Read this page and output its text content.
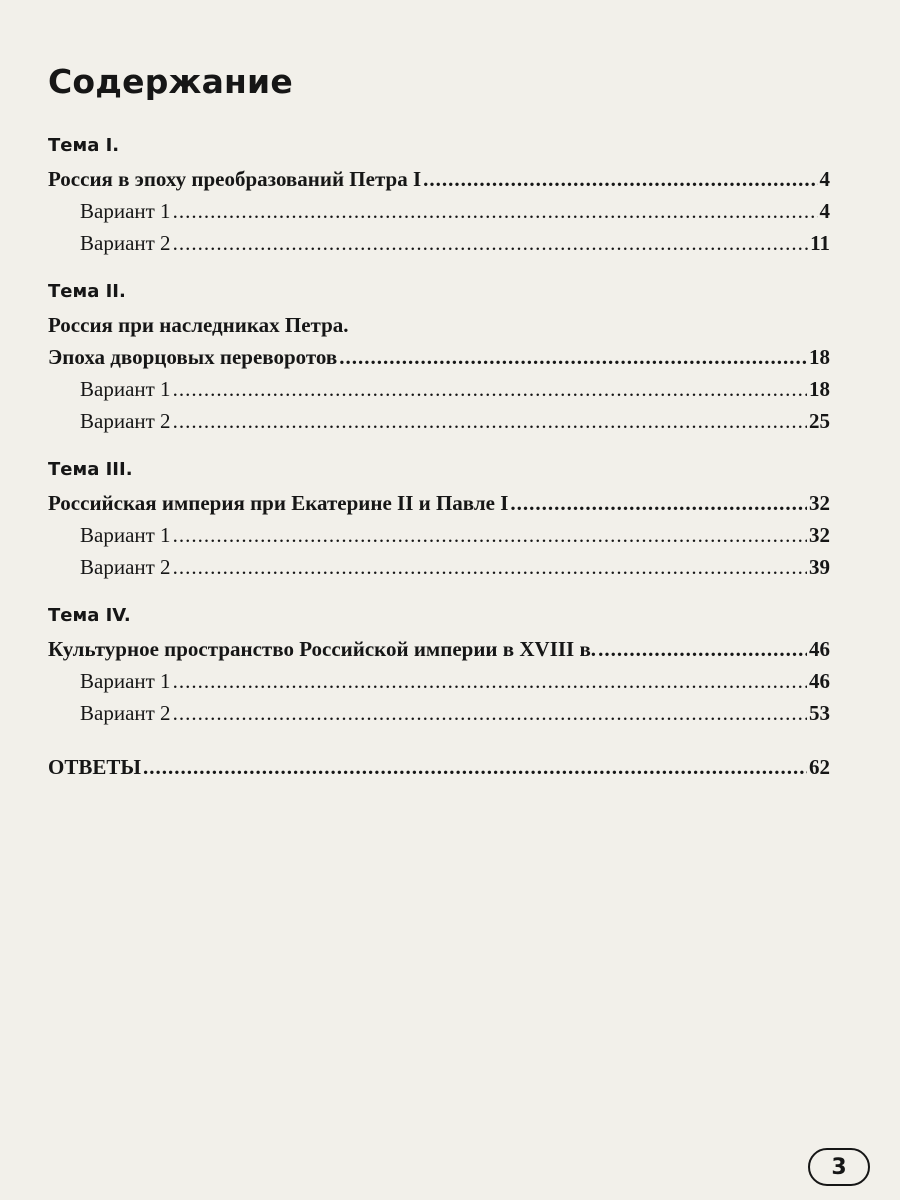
Содержание
Тема I.
Россия в эпоху преобразований Петра I .....	4
Вариант 1 .....	4
Вариант 2 .....	11
Тема II.
Россия при наследниках Петра.
Эпоха дворцовых переворотов .....	18
Вариант 1 .....	18
Вариант 2 .....	25
Тема III.
Российская империя при Екатерине II и Павле I .....	32
Вариант 1 .....	32
Вариант 2 .....	39
Тема IV.
Культурное пространство Российской империи в XVIII в. .....	46
Вариант 1 .....	46
Вариант 2 .....	53
ОТВЕТЫ .....	62
3
